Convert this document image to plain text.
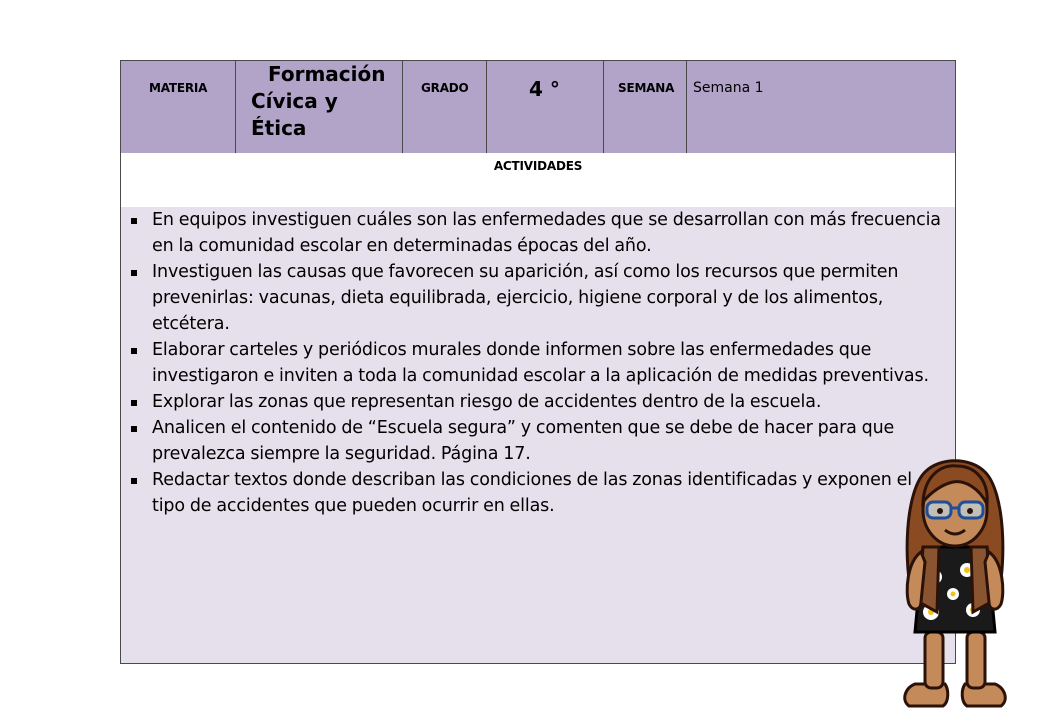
MATERIA
Formación
Cívica y
Ética
GRADO	4 °	SEMANA Semana 1
ACTIVIDADES
En equipos investiguen cuáles son las enfermedades que se desarrollan con más frecuencia en la comunidad escolar en determinadas épocas del año.
Investiguen las causas que favorecen su aparición, así como los recursos que permiten prevenirlas: vacunas, dieta equilibrada, ejercicio, higiene corporal y de los alimentos, etcétera.
Elaborar carteles y periódicos murales donde informen sobre las enfermedades que investigaron e inviten a toda la comunidad escolar a la aplicación de medidas preventivas.
Explorar las zonas que representan riesgo de accidentes dentro de la escuela.
Analicen el contenido de “Escuela segura” y comenten que se debe de hacer para que prevalezca siempre la seguridad. Página 17.
Redactar textos donde describan las condiciones de las zonas identificadas y exponen el tipo de accidentes que pueden ocurrir en ellas.
